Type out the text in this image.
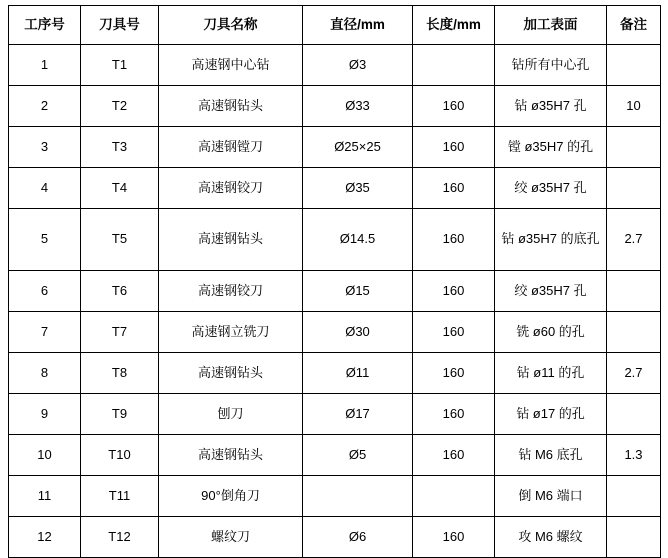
工序号	刀具号	刀具名称	直径/mm	长度/mm	加工表面	备注
1	T1	高速钢中心钻	Ø3		钻所有中心孔	
2	T2	高速钢钻头	Ø33	160	钻 ø35H7 孔	10
3	T3	高速钢镗刀	Ø25×25	160	镗 ø35H7 的孔	
4	T4	高速钢铰刀	Ø35	160	绞 ø35H7 孔	
5	T5	高速钢钻头	Ø14.5	160	钻 ø35H7 的底孔	2.7
6	T6	高速钢铰刀	Ø15	160	绞 ø35H7 孔	
7	T7	高速钢立铣刀	Ø30	160	铣 ø60 的孔	
8	T8	高速钢钻头	Ø11	160	钻 ø11 的孔	2.7
9	T9	刨刀	Ø17	160	钻 ø17 的孔	
10	T10	高速钢钻头	Ø5	160	钻 M6 底孔	1.3
11	T11	90°倒角刀			倒 M6 端口	
12	T12	螺纹刀	Ø6	160	攻 M6 螺纹	
